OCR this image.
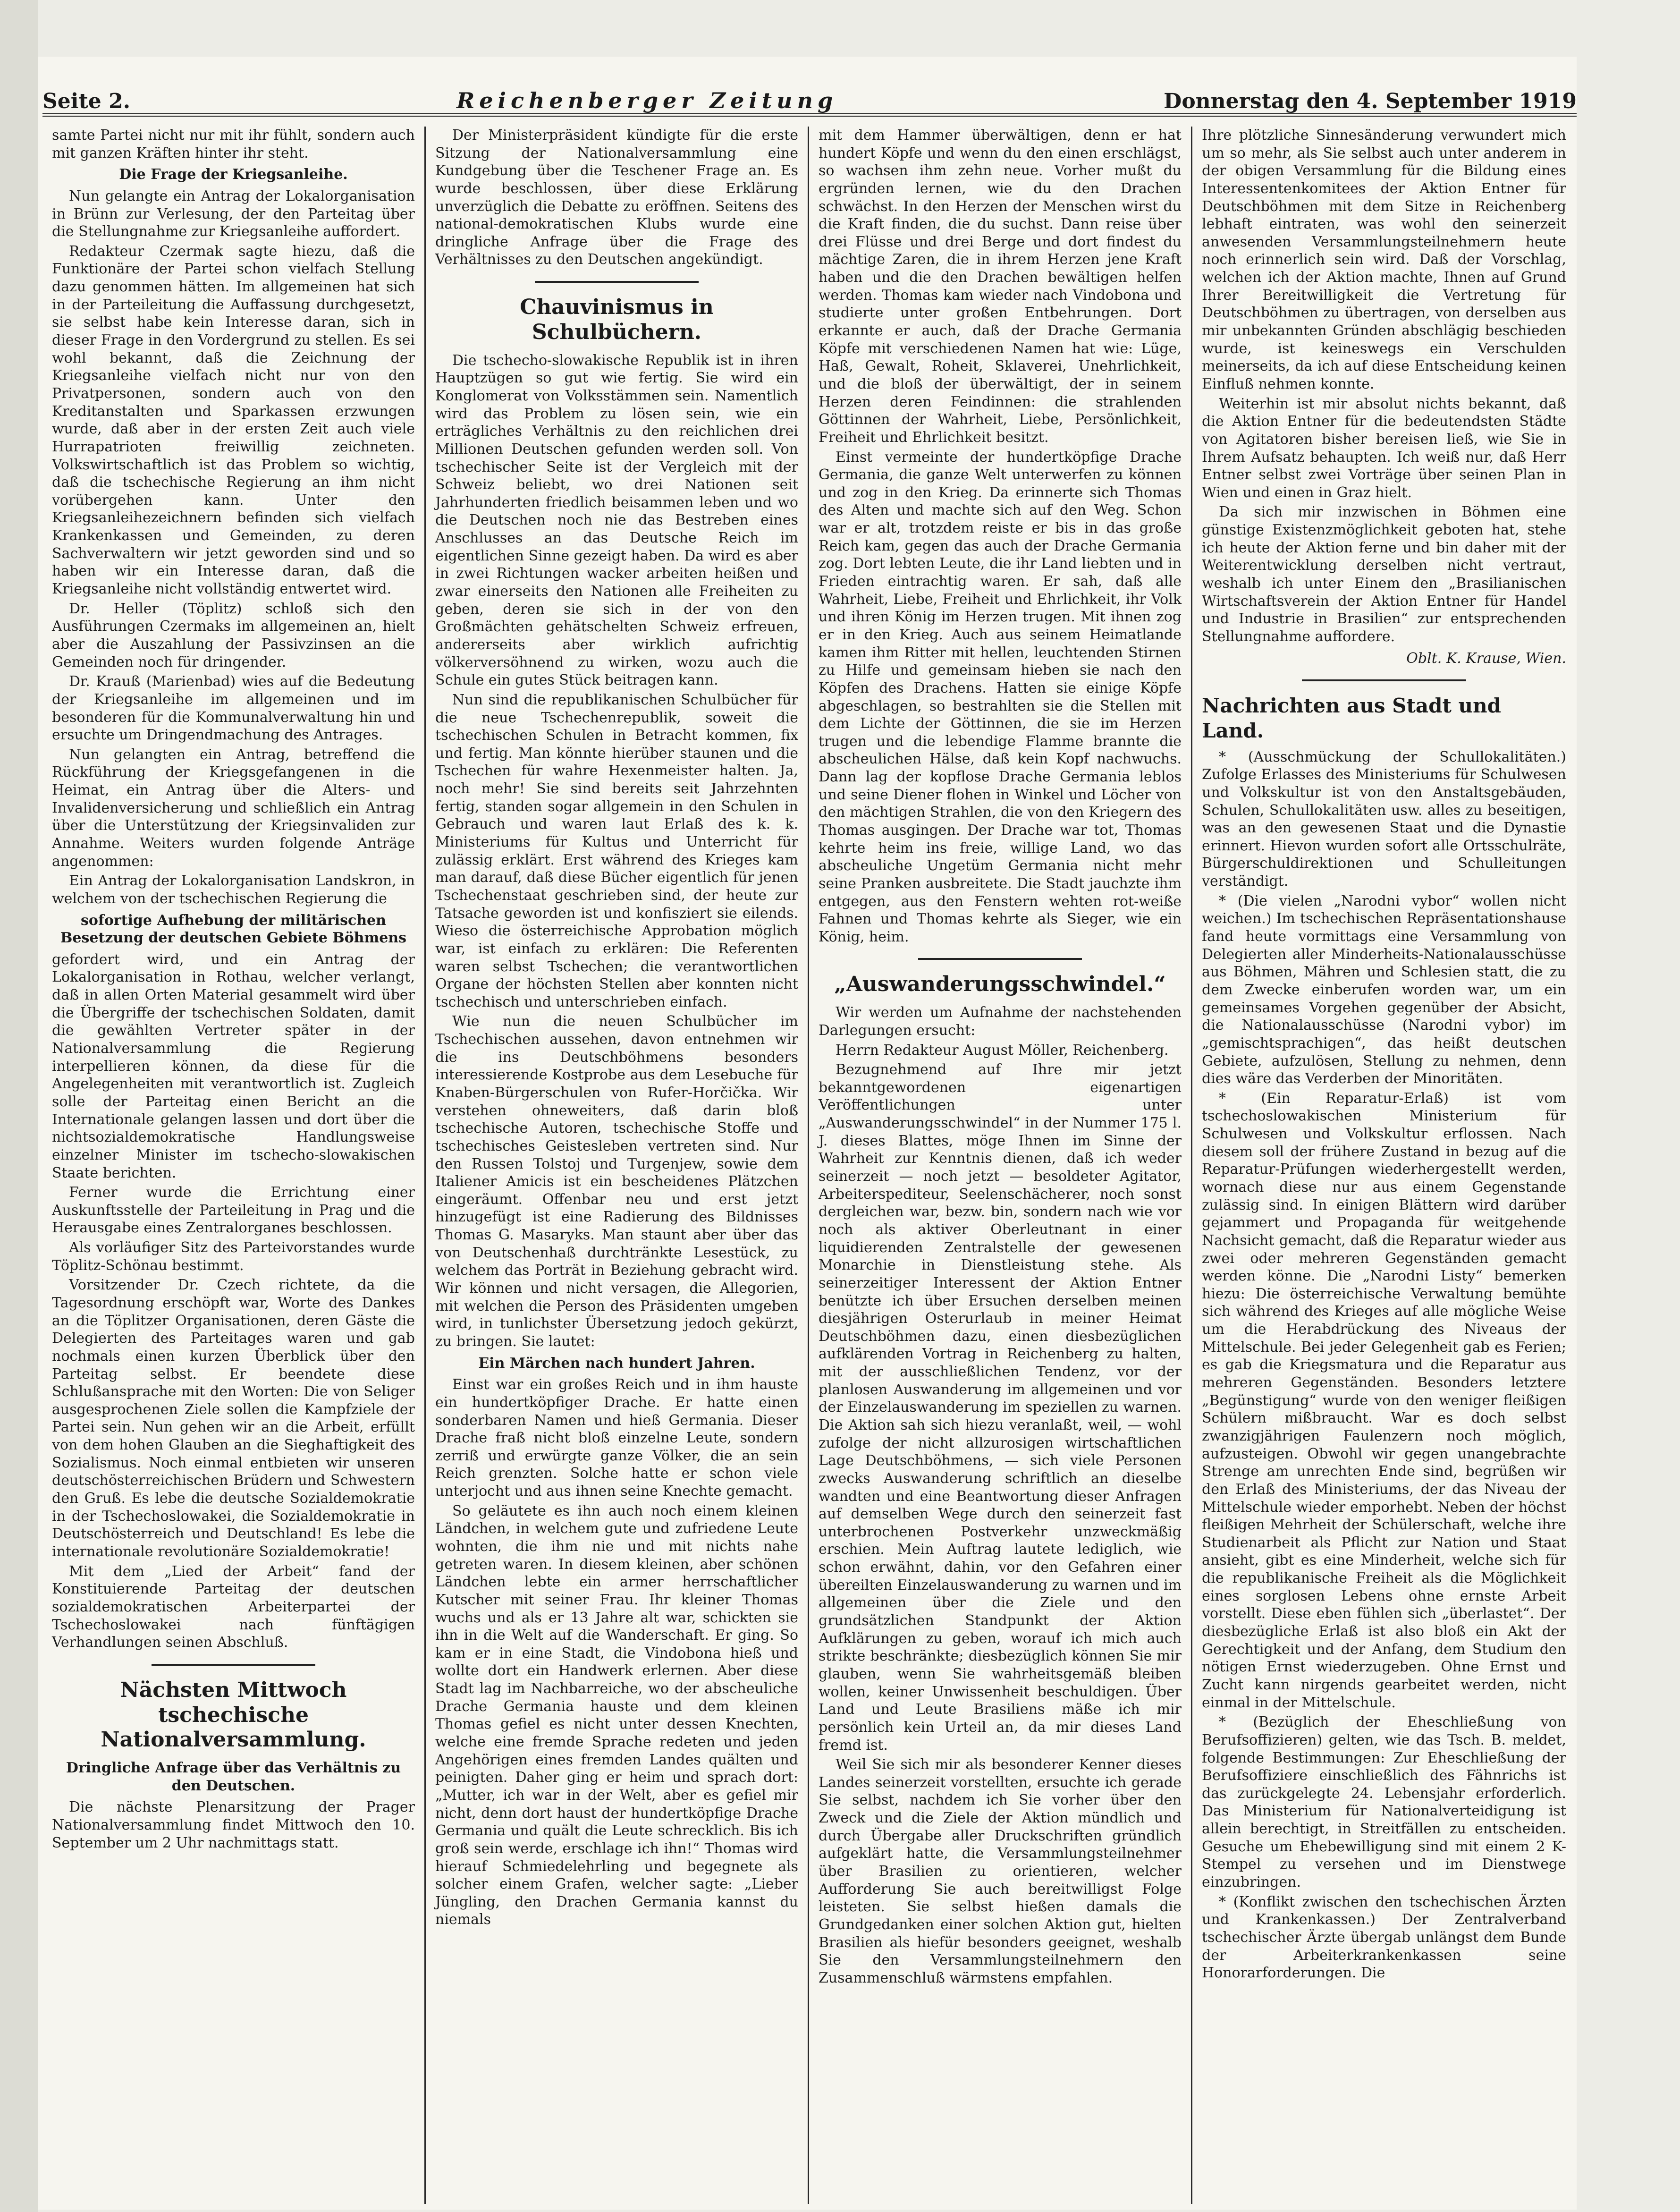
Seite 2.	Reichenberger Zeitung	Donnerstag den 4. September 1919

samte Partei nicht nur mit ihr fühlt, sondern auch mit ganzen Kräften hinter ihr steht.

Die Frage der Kriegsanleihe.

Nun gelangte ein Antrag der Lokalorganisation in Brünn zur Verlesung, der den Parteitag über die Stellungnahme zur Kriegsanleihe auffordert.

Redakteur Czermak sagte hiezu, daß die Funktionäre der Partei schon vielfach Stellung dazu genommen hätten. Im allgemeinen hat sich in der Parteileitung die Auffassung durchgesetzt, sie selbst habe kein Interesse daran, sich in dieser Frage in den Vordergrund zu stellen. Es sei wohl bekannt, daß die Zeichnung der Kriegsanleihe vielfach nicht nur von den Privatpersonen, sondern auch von den Kreditanstalten und Sparkassen erzwungen wurde, daß aber in der ersten Zeit auch viele Hurrapatrioten freiwillig zeichneten. Volkswirtschaftlich ist das Problem so wichtig, daß die tschechische Regierung an ihm nicht vorübergehen kann. Unter den Kriegsanleihezeichnern befinden sich vielfach Krankenkassen und Gemeinden, zu deren Sachverwaltern wir jetzt geworden sind und so haben wir ein Interesse daran, daß die Kriegsanleihe nicht vollständig entwertet wird.

Dr. Heller (Töplitz) schloß sich den Ausführungen Czermaks im allgemeinen an, hielt aber die Auszahlung der Passivzinsen an die Gemeinden noch für dringender.

Dr. Krauß (Marienbad) wies auf die Bedeutung der Kriegsanleihe im allgemeinen und im besonderen für die Kommunalverwaltung hin und ersuchte um Dringendmachung des Antrages.

Nun gelangten ein Antrag, betreffend die Rückführung der Kriegsgefangenen in die Heimat, ein Antrag über die Alters- und Invalidenversicherung und schließlich ein Antrag über die Unterstützung der Kriegsinvaliden zur Annahme. Weiters wurden folgende Anträge angenommen:

Ein Antrag der Lokalorganisation Landskron, in welchem von der tschechischen Regierung die

sofortige Aufhebung der militärischen Besetzung der deutschen Gebiete Böhmens

gefordert wird, und ein Antrag der Lokalorganisation in Rothau, welcher verlangt, daß in allen Orten Material gesammelt wird über die Übergriffe der tschechischen Soldaten, damit die gewählten Vertreter später in der Nationalversammlung die Regierung interpellieren können, da diese für die Angelegenheiten mit verantwortlich ist. Zugleich solle der Parteitag einen Bericht an die Internationale gelangen lassen und dort über die nichtsozialdemokratische Handlungsweise einzelner Minister im tschecho-slowakischen Staate berichten.

Ferner wurde die Errichtung einer Auskunftsstelle der Parteileitung in Prag und die Herausgabe eines Zentralorganes beschlossen.

Als vorläufiger Sitz des Parteivorstandes wurde Töplitz-Schönau bestimmt.

Vorsitzender Dr. Czech richtete, da die Tagesordnung erschöpft war, Worte des Dankes an die Töplitzer Organisationen, deren Gäste die Delegierten des Parteitages waren und gab nochmals einen kurzen Überblick über den Parteitag selbst. Er beendete diese Schlußansprache mit den Worten: Die von Seliger ausgesprochenen Ziele sollen die Kampfziele der Partei sein. Nun gehen wir an die Arbeit, erfüllt von dem hohen Glauben an die Sieghaftigkeit des Sozialismus. Noch einmal entbieten wir unseren deutschösterreichischen Brüdern und Schwestern den Gruß. Es lebe die deutsche Sozialdemokratie in der Tschechoslowakei, die Sozialdemokratie in Deutschösterreich und Deutschland! Es lebe die internationale revolutionäre Sozialdemokratie!

Mit dem „Lied der Arbeit“ fand der Konstituierende Parteitag der deutschen sozialdemokratischen Arbeiterpartei der Tschechoslowakei nach fünftägigen Verhandlungen seinen Abschluß.

Nächsten Mittwoch tschechische Nationalversammlung.
Dringliche Anfrage über das Verhältnis zu den Deutschen.

Die nächste Plenarsitzung der Prager Nationalversammlung findet Mittwoch den 10. September um 2 Uhr nachmittags statt.

Der Ministerpräsident kündigte für die erste Sitzung der Nationalversammlung eine Kundgebung über die Teschener Frage an. Es wurde beschlossen, über diese Erklärung unverzüglich die Debatte zu eröffnen. Seitens des national-demokratischen Klubs wurde eine dringliche Anfrage über die Frage des Verhältnisses zu den Deutschen angekündigt.

Chauvinismus in Schulbüchern.

Die tschecho-slowakische Republik ist in ihren Hauptzügen so gut wie fertig. Sie wird ein Konglomerat von Volksstämmen sein. Namentlich wird das Problem zu lösen sein, wie ein erträgliches Verhältnis zu den reichlichen drei Millionen Deutschen gefunden werden soll. Von tschechischer Seite ist der Vergleich mit der Schweiz beliebt, wo drei Nationen seit Jahrhunderten friedlich beisammen leben und wo die Deutschen noch nie das Bestreben eines Anschlusses an das Deutsche Reich im eigentlichen Sinne gezeigt haben. Da wird es aber in zwei Richtungen wacker arbeiten heißen und zwar einerseits den Nationen alle Freiheiten zu geben, deren sie sich in der von den Großmächten gehätschelten Schweiz erfreuen, andererseits aber wirklich aufrichtig völkerversöhnend zu wirken, wozu auch die Schule ein gutes Stück beitragen kann.

Nun sind die republikanischen Schulbücher für die neue Tschechenrepublik, soweit die tschechischen Schulen in Betracht kommen, fix und fertig. Man könnte hierüber staunen und die Tschechen für wahre Hexenmeister halten. Ja, noch mehr! Sie sind bereits seit Jahrzehnten fertig, standen sogar allgemein in den Schulen in Gebrauch und waren laut Erlaß des k. k. Ministeriums für Kultus und Unterricht für zulässig erklärt. Erst während des Krieges kam man darauf, daß diese Bücher eigentlich für jenen Tschechenstaat geschrieben sind, der heute zur Tatsache geworden ist und konfisziert sie eilends. Wieso die österreichische Approbation möglich war, ist einfach zu erklären: Die Referenten waren selbst Tschechen; die verantwortlichen Organe der höchsten Stellen aber konnten nicht tschechisch und unterschrieben einfach.

Wie nun die neuen Schulbücher im Tschechischen aussehen, davon entnehmen wir die ins Deutschböhmens besonders interessierende Kostprobe aus dem Lesebuche für Knaben-Bürgerschulen von Rufer-Horčička. Wir verstehen ohneweiters, daß darin bloß tschechische Autoren, tschechische Stoffe und tschechisches Geistesleben vertreten sind. Nur den Russen Tolstoj und Turgenjew, sowie dem Italiener Amicis ist ein bescheidenes Plätzchen eingeräumt. Offenbar neu und erst jetzt hinzugefügt ist eine Radierung des Bildnisses Thomas G. Masaryks. Man staunt aber über das von Deutschenhaß durchtränkte Lesestück, zu welchem das Porträt in Beziehung gebracht wird. Wir können und nicht versagen, die Allegorien, mit welchen die Person des Präsidenten umgeben wird, in tunlichster Übersetzung jedoch gekürzt, zu bringen. Sie lautet:

Ein Märchen nach hundert Jahren.

Einst war ein großes Reich und in ihm hauste ein hundertköpfiger Drache. Er hatte einen sonderbaren Namen und hieß Germania. Dieser Drache fraß nicht bloß einzelne Leute, sondern zerriß und erwürgte ganze Völker, die an sein Reich grenzten. Solche hatte er schon viele unterjocht und aus ihnen seine Knechte gemacht.

So geläutete es ihn auch noch einem kleinen Ländchen, in welchem gute und zufriedene Leute wohnten, die ihm nie und mit nichts nahe getreten waren. In diesem kleinen, aber schönen Ländchen lebte ein armer herrschaftlicher Kutscher mit seiner Frau. Ihr kleiner Thomas wuchs und als er 13 Jahre alt war, schickten sie ihn in die Welt auf die Wanderschaft. Er ging. So kam er in eine Stadt, die Vindobona hieß und wollte dort ein Handwerk erlernen. Aber diese Stadt lag im Nachbarreiche, wo der abscheuliche Drache Germania hauste und dem kleinen Thomas gefiel es nicht unter dessen Knechten, welche eine fremde Sprache redeten und jeden Angehörigen eines fremden Landes quälten und peinigten. Daher ging er heim und sprach dort: „Mutter, ich war in der Welt, aber es gefiel mir nicht, denn dort haust der hundertköpfige Drache Germania und quält die Leute schrecklich. Bis ich groß sein werde, erschlage ich ihn!“ Thomas wird hierauf Schmiedelehrling und begegnete als solcher einem Grafen, welcher sagte: „Lieber Jüngling, den Drachen Germania kannst du niemals

mit dem Hammer überwältigen, denn er hat hundert Köpfe und wenn du den einen erschlägst, so wachsen ihm zehn neue. Vorher mußt du ergründen lernen, wie du den Drachen schwächst. In den Herzen der Menschen wirst du die Kraft finden, die du suchst. Dann reise über drei Flüsse und drei Berge und dort findest du mächtige Zaren, die in ihrem Herzen jene Kraft haben und die den Drachen bewältigen helfen werden. Thomas kam wieder nach Vindobona und studierte unter großen Entbehrungen. Dort erkannte er auch, daß der Drache Germania Köpfe mit verschiedenen Namen hat wie: Lüge, Haß, Gewalt, Roheit, Sklaverei, Unehrlichkeit, und die bloß der überwältigt, der in seinem Herzen deren Feindinnen: die strahlenden Göttinnen der Wahrheit, Liebe, Persönlichkeit, Freiheit und Ehrlichkeit besitzt.

Einst vermeinte der hundertköpfige Drache Germania, die ganze Welt unterwerfen zu können und zog in den Krieg. Da erinnerte sich Thomas des Alten und machte sich auf den Weg. Schon war er alt, trotzdem reiste er bis in das große Reich kam, gegen das auch der Drache Germania zog. Dort lebten Leute, die ihr Land liebten und in Frieden eintrachtig waren. Er sah, daß alle Wahrheit, Liebe, Freiheit und Ehrlichkeit, ihr Volk und ihren König im Herzen trugen. Mit ihnen zog er in den Krieg. Auch aus seinem Heimatlande kamen ihm Ritter mit hellen, leuchtenden Stirnen zu Hilfe und gemeinsam hieben sie nach den Köpfen des Drachens. Hatten sie einige Köpfe abgeschlagen, so bestrahlten sie die Stellen mit dem Lichte der Göttinnen, die sie im Herzen trugen und die lebendige Flamme brannte die abscheulichen Hälse, daß kein Kopf nachwuchs. Dann lag der kopflose Drache Germania leblos und seine Diener flohen in Winkel und Löcher von den mächtigen Strahlen, die von den Kriegern des Thomas ausgingen. Der Drache war tot, Thomas kehrte heim ins freie, willige Land, wo das abscheuliche Ungetüm Germania nicht mehr seine Pranken ausbreitete. Die Stadt jauchzte ihm entgegen, aus den Fenstern wehten rot-weiße Fahnen und Thomas kehrte als Sieger, wie ein König, heim.

„Auswanderungsschwindel.“

Wir werden um Aufnahme der nachstehenden Darlegungen ersucht:

Herrn Redakteur August Möller, Reichenberg.

Bezugnehmend auf Ihre mir jetzt bekanntgewordenen eigenartigen Veröffentlichungen unter „Auswanderungsschwindel“ in der Nummer 175 l. J. dieses Blattes, möge Ihnen im Sinne der Wahrheit zur Kenntnis dienen, daß ich weder seinerzeit — noch jetzt — besoldeter Agitator, Arbeiterspediteur, Seelenschächerer, noch sonst dergleichen war, bezw. bin, sondern nach wie vor noch als aktiver Oberleutnant in einer liquidierenden Zentralstelle der gewesenen Monarchie in Dienstleistung stehe. Als seinerzeitiger Interessent der Aktion Entner benützte ich über Ersuchen derselben meinen diesjährigen Osterurlaub in meiner Heimat Deutschböhmen dazu, einen diesbezüglichen aufklärenden Vortrag in Reichenberg zu halten, mit der ausschließlichen Tendenz, vor der planlosen Auswanderung im allgemeinen und vor der Einzelauswanderung im speziellen zu warnen. Die Aktion sah sich hiezu veranlaßt, weil, — wohl zufolge der nicht allzurosigen wirtschaftlichen Lage Deutschböhmens, — sich viele Personen zwecks Auswanderung schriftlich an dieselbe wandten und eine Beantwortung dieser Anfragen auf demselben Wege durch den seinerzeit fast unterbrochenen Postverkehr unzweckmäßig erschien. Mein Auftrag lautete lediglich, wie schon erwähnt, dahin, vor den Gefahren einer übereilten Einzelauswanderung zu warnen und im allgemeinen über die Ziele und den grundsätzlichen Standpunkt der Aktion Aufklärungen zu geben, worauf ich mich auch strikte beschränkte; diesbezüglich können Sie mir glauben, wenn Sie wahrheitsgemäß bleiben wollen, keiner Unwissenheit beschuldigen. Über Land und Leute Brasiliens mäße ich mir persönlich kein Urteil an, da mir dieses Land fremd ist.

Weil Sie sich mir als besonderer Kenner dieses Landes seinerzeit vorstellten, ersuchte ich gerade Sie selbst, nachdem ich Sie vorher über den Zweck und die Ziele der Aktion mündlich und durch Übergabe aller Druckschriften gründlich aufgeklärt hatte, die Versammlungsteilnehmer über Brasilien zu orientieren, welcher Aufforderung Sie auch bereitwilligst Folge leisteten. Sie selbst hießen damals die Grundgedanken einer solchen Aktion gut, hielten Brasilien als hiefür besonders geeignet, weshalb Sie den Versammlungsteilnehmern den Zusammenschluß wärmstens empfahlen.

Ihre plötzliche Sinnesänderung verwundert mich um so mehr, als Sie selbst auch unter anderem in der obigen Versammlung für die Bildung eines Interessentenkomitees der Aktion Entner für Deutschböhmen mit dem Sitze in Reichenberg lebhaft eintraten, was wohl den seinerzeit anwesenden Versammlungsteilnehmern heute noch erinnerlich sein wird. Daß der Vorschlag, welchen ich der Aktion machte, Ihnen auf Grund Ihrer Bereitwilligkeit die Vertretung für Deutschböhmen zu übertragen, von derselben aus mir unbekannten Gründen abschlägig beschieden wurde, ist keineswegs ein Verschulden meinerseits, da ich auf diese Entscheidung keinen Einfluß nehmen konnte.

Weiterhin ist mir absolut nichts bekannt, daß die Aktion Entner für die bedeutendsten Städte von Agitatoren bisher bereisen ließ, wie Sie in Ihrem Aufsatz behaupten. Ich weiß nur, daß Herr Entner selbst zwei Vorträge über seinen Plan in Wien und einen in Graz hielt.

Da sich mir inzwischen in Böhmen eine günstige Existenzmöglichkeit geboten hat, stehe ich heute der Aktion ferne und bin daher mit der Weiterentwicklung derselben nicht vertraut, weshalb ich unter Einem den „Brasilianischen Wirtschaftsverein der Aktion Entner für Handel und Industrie in Brasilien“ zur entsprechenden Stellungnahme auffordere.

Oblt. K. Krause, Wien.
Nachrichten aus Stadt und Land.

* (Ausschmückung der Schullokalitäten.) Zufolge Erlasses des Ministeriums für Schulwesen und Volkskultur ist von den Anstaltsgebäuden, Schulen, Schullokalitäten usw. alles zu beseitigen, was an den gewesenen Staat und die Dynastie erinnert. Hievon wurden sofort alle Ortsschulräte, Bürgerschuldirektionen und Schulleitungen verständigt.

* (Die vielen „Narodni vybor“ wollen nicht weichen.) Im tschechischen Repräsentationshause fand heute vormittags eine Versammlung von Delegierten aller Minderheits-Nationalausschüsse aus Böhmen, Mähren und Schlesien statt, die zu dem Zwecke einberufen worden war, um ein gemeinsames Vorgehen gegenüber der Absicht, die Nationalausschüsse (Narodni vybor) im „gemischtsprachigen“, das heißt deutschen Gebiete, aufzulösen, Stellung zu nehmen, denn dies wäre das Verderben der Minoritäten.

* (Ein Reparatur-Erlaß) ist vom tschechoslowakischen Ministerium für Schulwesen und Volkskultur erflossen. Nach diesem soll der frühere Zustand in bezug auf die Reparatur-Prüfungen wiederhergestellt werden, wornach diese nur aus einem Gegenstande zulässig sind. In einigen Blättern wird darüber gejammert und Propaganda für weitgehende Nachsicht gemacht, daß die Reparatur wieder aus zwei oder mehreren Gegenständen gemacht werden könne. Die „Narodni Listy“ bemerken hiezu: Die österreichische Verwaltung bemühte sich während des Krieges auf alle mögliche Weise um die Herabdrückung des Niveaus der Mittelschule. Bei jeder Gelegenheit gab es Ferien; es gab die Kriegsmatura und die Reparatur aus mehreren Gegenständen. Besonders letztere „Begünstigung“ wurde von den weniger fleißigen Schülern mißbraucht. War es doch selbst zwanzigjährigen Faulenzern noch möglich, aufzusteigen. Obwohl wir gegen unangebrachte Strenge am unrechten Ende sind, begrüßen wir den Erlaß des Ministeriums, der das Niveau der Mittelschule wieder emporhebt. Neben der höchst fleißigen Mehrheit der Schülerschaft, welche ihre Studienarbeit als Pflicht zur Nation und Staat ansieht, gibt es eine Minderheit, welche sich für die republikanische Freiheit als die Möglichkeit eines sorglosen Lebens ohne ernste Arbeit vorstellt. Diese eben fühlen sich „überlastet“. Der diesbezügliche Erlaß ist also bloß ein Akt der Gerechtigkeit und der Anfang, dem Studium den nötigen Ernst wiederzugeben. Ohne Ernst und Zucht kann nirgends gearbeitet werden, nicht einmal in der Mittelschule.

* (Bezüglich der Eheschließung von Berufsoffizieren) gelten, wie das Tsch. B. meldet, folgende Bestimmungen: Zur Eheschließung der Berufsoffiziere einschließlich des Fähnrichs ist das zurückgelegte 24. Lebensjahr erforderlich. Das Ministerium für Nationalverteidigung ist allein berechtigt, in Streitfällen zu entscheiden. Gesuche um Ehebewilligung sind mit einem 2 K-Stempel zu versehen und im Dienstwege einzubringen.

* (Konflikt zwischen den tschechischen Ärzten und Krankenkassen.) Der Zentralverband tschechischer Ärzte übergab unlängst dem Bunde der Arbeiterkrankenkassen seine Honorarforderungen. Die
